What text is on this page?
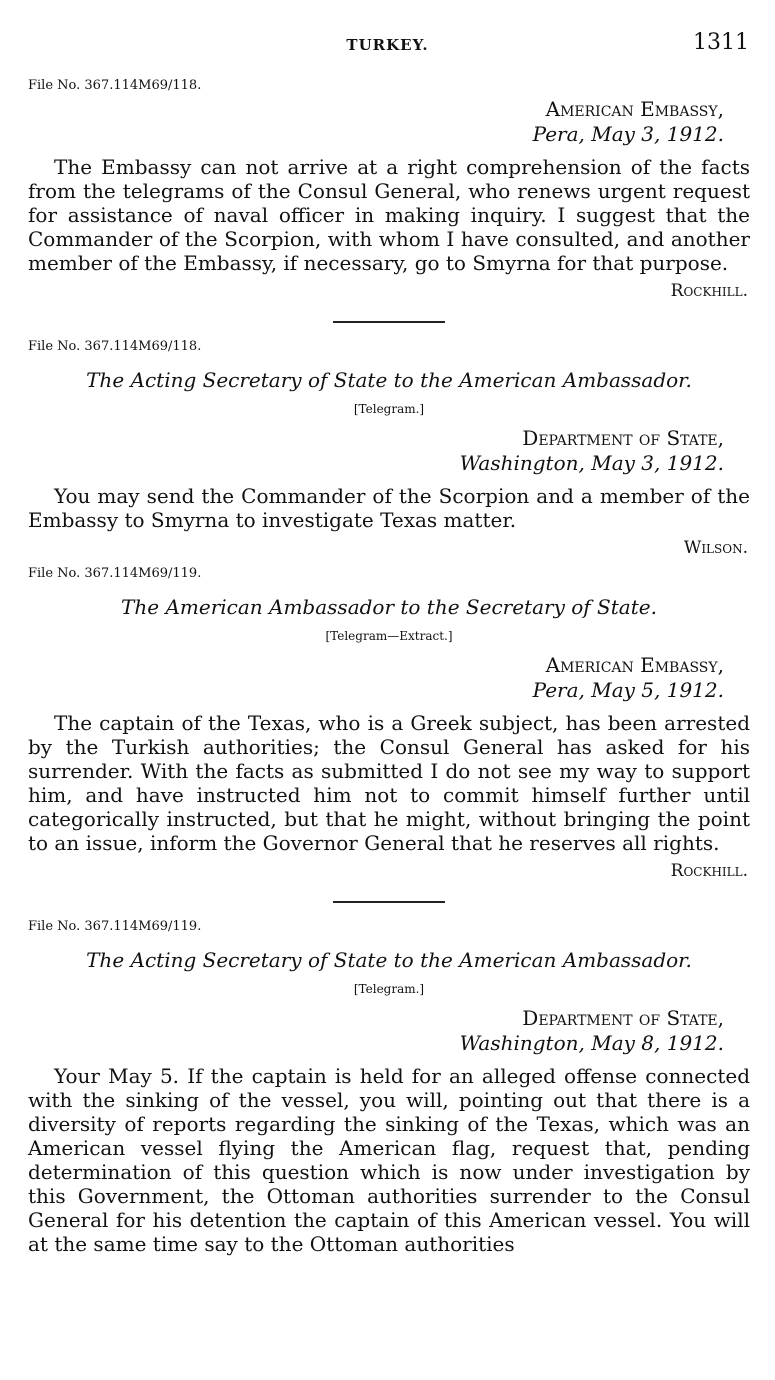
TURKEY.	1311
File No. 367.114M69/118.
American Embassy,
Pera, May 3, 1912.

The Embassy can not arrive at a right comprehension of the facts from the telegrams of the Consul General, who renews urgent request for assistance of naval officer in making inquiry. I suggest that the Commander of the Scorpion, with whom I have consulted, and another member of the Embassy, if necessary, go to Smyrna for that purpose.

Rockhill.
File No. 367.114M69/118.
The Acting Secretary of State to the American Ambassador.
[Telegram.]
Department of State,
Washington, May 3, 1912.

You may send the Commander of the Scorpion and a member of the Embassy to Smyrna to investigate Texas matter.

Wilson.
File No. 367.114M69/119.
The American Ambassador to the Secretary of State.
[Telegram—Extract.]
American Embassy,
Pera, May 5, 1912.

The captain of the Texas, who is a Greek subject, has been arrested by the Turkish authorities; the Consul General has asked for his surrender. With the facts as submitted I do not see my way to support him, and have instructed him not to commit himself further until categorically instructed, but that he might, without bringing the point to an issue, inform the Governor General that he reserves all rights.

Rockhill.
File No. 367.114M69/119.
The Acting Secretary of State to the American Ambassador.
[Telegram.]
Department of State,
Washington, May 8, 1912.

Your May 5. If the captain is held for an alleged offense connected with the sinking of the vessel, you will, pointing out that there is a diversity of reports regarding the sinking of the Texas, which was an American vessel flying the American flag, request that, pending determination of this question which is now under investigation by this Government, the Ottoman authorities surrender to the Consul General for his detention the captain of this American vessel. You will at the same time say to the Ottoman authorities
